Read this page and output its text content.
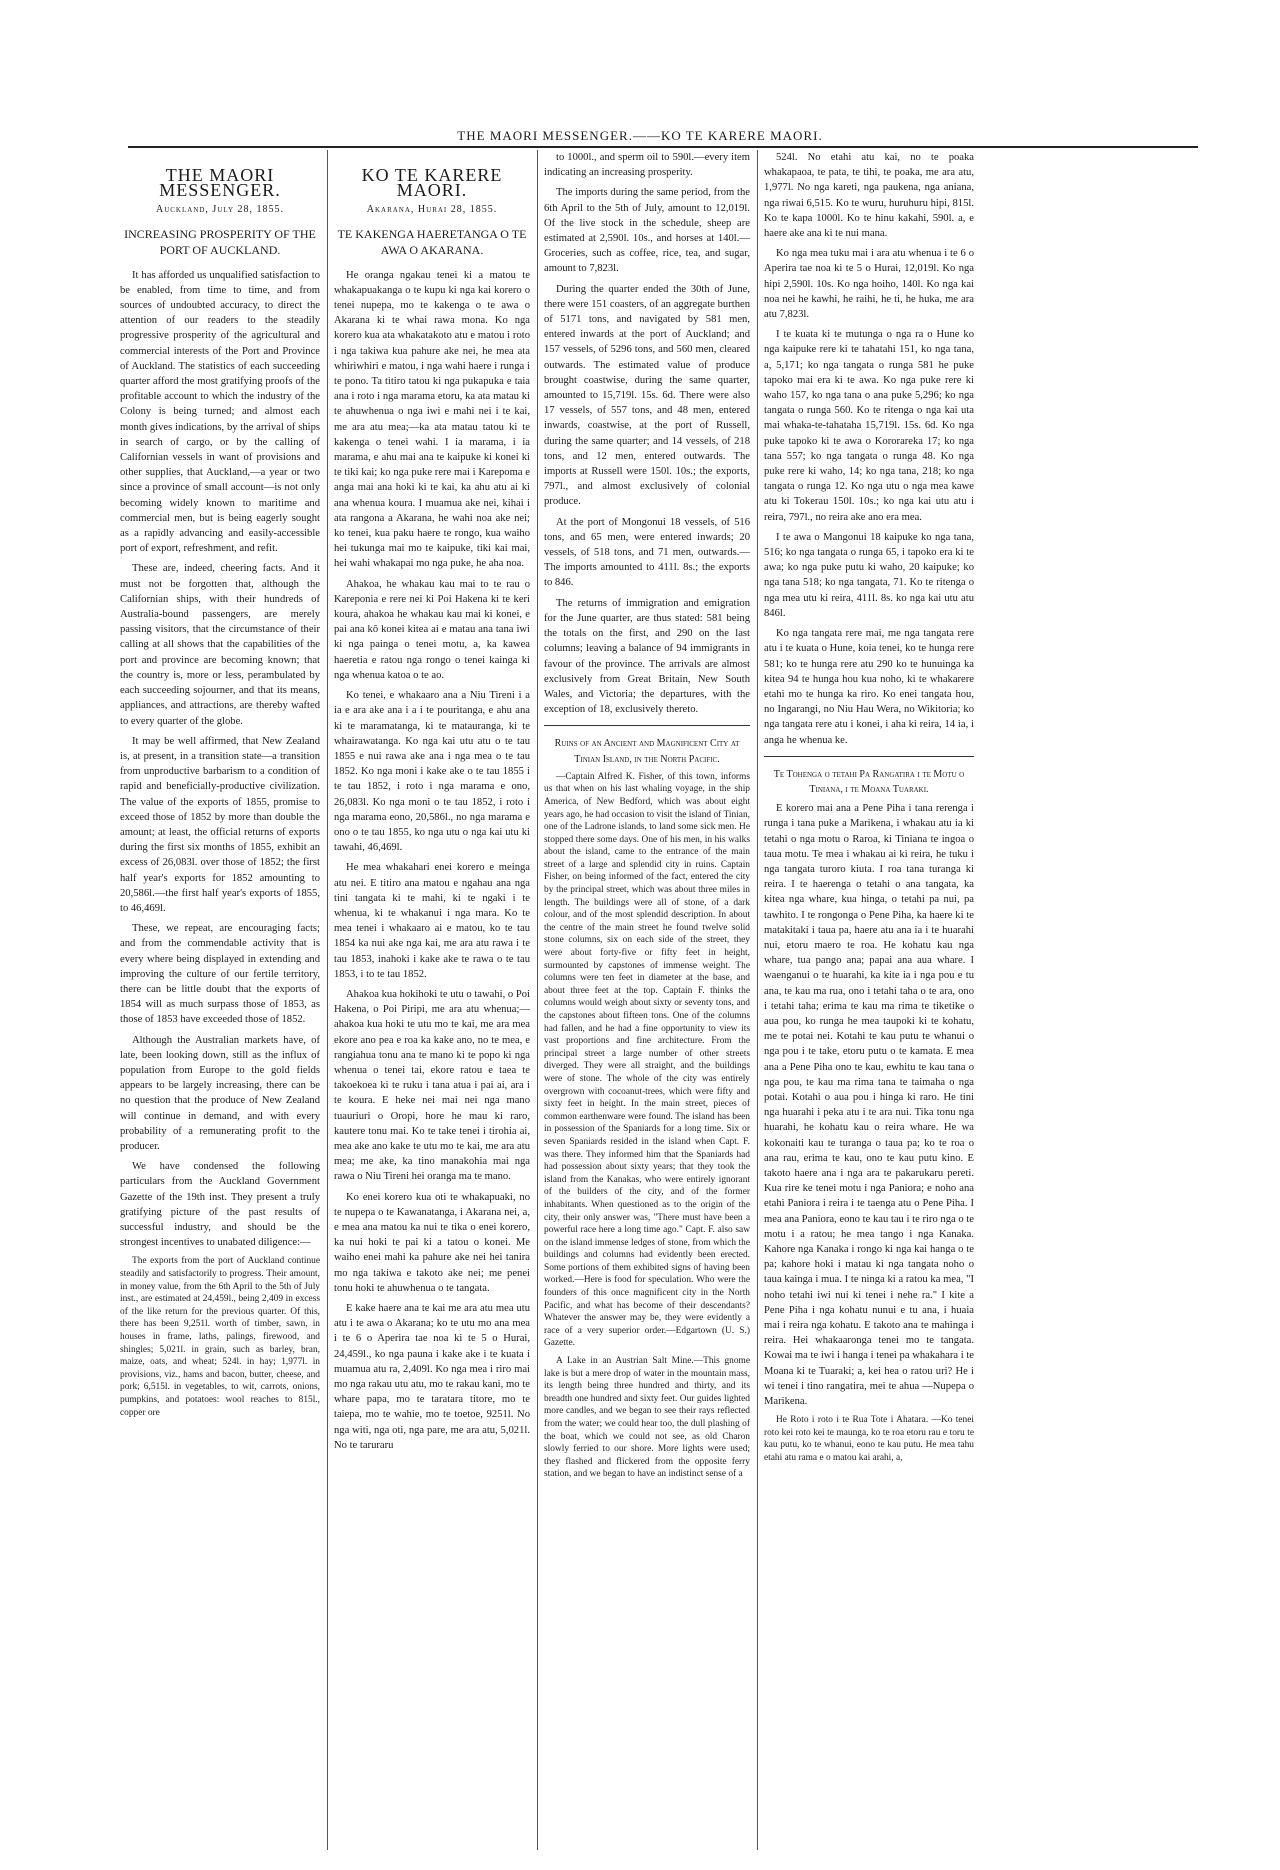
THE MAORI MESSENGER.——KO TE KARERE MAORI.

THE MAORI MESSENGER.

Auckland, July 28, 1855.

INCREASING PROSPERITY OF THE PORT OF AUCKLAND.

It has afforded us unqualified satisfaction to be enabled, from time to time, and from sources of undoubted accuracy, to direct the attention of our readers to the steadily progressive prosperity of the agricultural and commercial interests of the Port and Province of Auckland. The statistics of each succeeding quarter afford the most gratifying proofs of the profitable account to which the industry of the Colony is being turned; and almost each month gives indications, by the arrival of ships in search of cargo, or by the calling of Californian vessels in want of provisions and other supplies, that Auckland,—a year or two since a province of small account—is not only becoming widely known to maritime and commercial men, but is being eagerly sought as a rapidly advancing and easily-accessible port of export, refreshment, and refit.

These are, indeed, cheering facts. And it must not be forgotten that, although the Californian ships, with their hundreds of Australia-bound passengers, are merely passing visitors, that the circumstance of their calling at all shows that the capabilities of the port and province are becoming known; that the country is, more or less, perambulated by each succeeding sojourner, and that its means, appliances, and attractions, are thereby wafted to every quarter of the globe.

It may be well affirmed, that New Zealand is, at present, in a transition state—a transition from unproductive barbarism to a condition of rapid and beneficially-productive civilization. The value of the exports of 1855, promise to exceed those of 1852 by more than double the amount; at least, the official returns of exports during the first six months of 1855, exhibit an excess of 26,083l. over those of 1852; the first half year's exports for 1852 amounting to 20,586l.—the first half year's exports of 1855, to 46,469l.

These, we repeat, are encouraging facts; and from the commendable activity that is every where being displayed in extending and improving the culture of our fertile territory, there can be little doubt that the exports of 1854 will as much surpass those of 1853, as those of 1853 have exceeded those of 1852.

Although the Australian markets have, of late, been looking down, still as the influx of population from Europe to the gold fields appears to be largely increasing, there can be no question that the produce of New Zealand will continue in demand, and with every probability of a remunerating profit to the producer.

We have condensed the following particulars from the Auckland Government Gazette of the 19th inst. They present a truly gratifying picture of the past results of successful industry, and should be the strongest incentives to unabated diligence:—

The exports from the port of Auckland continue steadily and satisfactorily to progress. Their amount, in money value, from the 6th April to the 5th of July inst., are estimated at 24,459l., being 2,409 in excess of the like return for the previous quarter. Of this, there has been 9,251l. worth of timber, sawn, in houses in frame, laths, palings, firewood, and shingles; 5,021l. in grain, such as barley, bran, maize, oats, and wheat; 524l. in hay; 1,977l. in provisions, viz., hams and bacon, butter, cheese, and pork; 6,515l. in vegetables, to wit, carrots, onions, pumpkins, and potatoes: wool reaches to 815l., copper ore

KO TE KARERE MAORI.

Akarana, Hurai 28, 1855.

TE KAKENGA HAERETANGA O TE AWA O AKARANA.

He oranga ngakau tenei ki a matou te whakapuakanga o te kupu ki nga kai korero o tenei nupepa, mo te kakenga o te awa o Akarana ki te whai rawa mona. Ko nga korero kua ata whakatakoto atu e matou i roto i nga takiwa kua pahure ake nei, he mea ata whiriwhiri e matou, i nga wahi haere i runga i te pono. Ta titiro tatou ki nga pukapuka e taia ana i roto i nga marama etoru, ka ata matau ki te ahuwhenua o nga iwi e mahi nei i te kai, me ara atu mea;—ka ata matau tatou ki te kakenga o tenei wahi. I ia marama, i ia marama, e ahu mai ana te kaipuke ki konei ki te tiki kai; ko nga puke rere mai i Karepoma e anga mai ana hoki ki te kai, ka ahu atu ai ki ana whenua koura. I muamua ake nei, kihai i ata rangona a Akarana, he wahi noa ake nei; ko tenei, kua paku haere te rongo, kua waiho hei tukunga mai mo te kaipuke, tiki kai mai, hei wahi whakapai mo nga puke, he aha noa.

Ahakoa, he whakau kau mai to te rau o Kareponia e rere nei ki Poi Hakena ki te keri koura, ahakoa he whakau kau mai ki konei, e pai ana kō konei kitea ai e matau ana tana iwi ki nga painga o tenei motu, a, ka kawea haeretia e ratou nga rongo o tenei kainga ki nga whenua katoa o te ao.

Ko tenei, e whakaaro ana a Niu Tireni i a ia e ara ake ana i a i te pouritanga, e ahu ana ki te maramatanga, ki te matauranga, ki te whairawatanga. Ko nga kai utu atu o te tau 1855 e nui rawa ake ana i nga mea o te tau 1852. Ko nga moni i kake ake o te tau 1855 i te tau 1852, i roto i nga marama e ono, 26,083l. Ko nga moni o te tau 1852, i roto i nga marama eono, 20,586l., no nga marama e ono o te tau 1855, ko nga utu o nga kai utu ki tawahi, 46,469l.

He mea whakahari enei korero e meinga atu nei. E titiro ana matou e ngahau ana nga tini tangata ki te mahi, ki te ngaki i te whenua, ki te whakanui i nga mara. Ko te mea tenei i whakaaro ai e matou, ko te tau 1854 ka nui ake nga kai, me ara atu rawa i te tau 1853, inahoki i kake ake te rawa o te tau 1853, i to te tau 1852.

Ahakoa kua hokihoki te utu o tawahi, o Poi Hakena, o Poi Piripi, me ara atu whenua;—ahakoa kua hoki te utu mo te kai, me ara mea ekore ano pea e roa ka kake ano, no te mea, e rangiahua tonu ana te mano ki te popo ki nga whenua o tenei tai, ekore ratou e taea te takoekoea ki te ruku i tana atua i pai ai, ara i te koura. E heke nei mai nei nga mano tuauriuri o Oropi, hore he mau ki raro, kautere tonu mai. Ko te take tenei i tirohia ai, mea ake ano kake te utu mo te kai, me ara atu mea; me ake, ka tino manakohia mai nga rawa o Niu Tireni hei oranga ma te mano.

Ko enei korero kua oti te whakapuaki, no te nupepa o te Kawanatanga, i Akarana nei, a, e mea ana matou ka nui te tika o enei korero, ka nui hoki te pai ki a tatou o konei. Me waiho enei mahi ka pahure ake nei hei tanira mo nga takiwa e takoto ake nei; me penei tonu hoki te ahuwhenua o te tangata.

E kake haere ana te kai me ara atu mea utu atu i te awa o Akarana; ko te utu mo ana mea i te 6 o Aperira tae noa ki te 5 o Hurai, 24,459l., ko nga pauna i kake ake i te kuata i muamua atu ra, 2,409l. Ko nga mea i riro mai mo nga rakau utu atu, mo te rakau kani, mo te whare papa, mo te taratara titore, mo te taiepa, mo te wahie, mo te toetoe, 9251l. No nga witi, nga oti, nga pare, me ara atu, 5,021l. No te taruraru

to 1000l., and sperm oil to 590l.—every item indicating an increasing prosperity.

The imports during the same period, from the 6th April to the 5th of July, amount to 12,019l. Of the live stock in the schedule, sheep are estimated at 2,590l. 10s., and horses at 140l.—Groceries, such as coffee, rice, tea, and sugar, amount to 7,823l.

During the quarter ended the 30th of June, there were 151 coasters, of an aggregate burthen of 5171 tons, and navigated by 581 men, entered inwards at the port of Auckland; and 157 vessels, of 5296 tons, and 560 men, cleared outwards. The estimated value of produce brought coastwise, during the same quarter, amounted to 15,719l. 15s. 6d. There were also 17 vessels, of 557 tons, and 48 men, entered inwards, coastwise, at the port of Russell, during the same quarter; and 14 vessels, of 218 tons, and 12 men, entered outwards. The imports at Russell were 150l. 10s.; the exports, 797l., and almost exclusively of colonial produce.

At the port of Mongonui 18 vessels, of 516 tons, and 65 men, were entered inwards; 20 vessels, of 518 tons, and 71 men, outwards.—The imports amounted to 411l. 8s.; the exports to 846.

The returns of immigration and emigration for the June quarter, are thus stated: 581 being the totals on the first, and 290 on the last columns; leaving a balance of 94 immigrants in favour of the province. The arrivals are almost exclusively from Great Britain, New South Wales, and Victoria; the departures, with the exception of 18, exclusively thereto.

Ruins of an Ancient and Magnificent City at Tinian Island, in the North Pacific.

—Captain Alfred K. Fisher, of this town, informs us that when on his last whaling voyage, in the ship America, of New Bedford, which was about eight years ago, he had occasion to visit the island of Tinian, one of the Ladrone islands, to land some sick men. He stopped there some days. One of his men, in his walks about the island, came to the entrance of the main street of a large and splendid city in ruins. Captain Fisher, on being informed of the fact, entered the city by the principal street, which was about three miles in length. The buildings were all of stone, of a dark colour, and of the most splendid description. In about the centre of the main street he found twelve solid stone columns, six on each side of the street, they were about forty-five or fifty feet in height, surmounted by capstones of immense weight. The columns were ten feet in diameter at the base, and about three feet at the top. Captain F. thinks the columns would weigh about sixty or seventy tons, and the capstones about fifteen tons. One of the columns had fallen, and he had a fine opportunity to view its vast proportions and fine architecture. From the principal street a large number of other streets diverged. They were all straight, and the buildings were of stone. The whole of the city was entirely overgrown with cocoanut-trees, which were fifty and sixty feet in height. In the main street, pieces of common earthenware were found. The island has been in possession of the Spaniards for a long time. Six or seven Spaniards resided in the island when Capt. F. was there. They informed him that the Spaniards had had possession about sixty years; that they took the island from the Kanakas, who were entirely ignorant of the builders of the city, and of the former inhabitants. When questioned as to the origin of the city, their only answer was, "There must have been a powerful race here a long time ago." Capt. F. also saw on the island immense ledges of stone, from which the buildings and columns had evidently been erected. Some portions of them exhibited signs of having been worked.—Here is food for speculation. Who were the founders of this once magnificent city in the North Pacific, and what has become of their descendants? Whatever the answer may be, they were evidently a race of a very superior order.—Edgartown (U. S.) Gazette.

A Lake in an Austrian Salt Mine.—This gnome lake is but a mere drop of water in the mountain mass, its length being three hundred and thirty, and its breadth one hundred and sixty feet. Our guides lighted more candles, and we began to see their rays reflected from the water; we could hear too, the dull plashing of the boat, which we could not see, as old Charon slowly ferried to our shore. More lights were used; they flashed and flickered from the opposite ferry station, and we began to have an indistinct sense of a

524l. No etahi atu kai, no te poaka whakapaoa, te pata, te tihi, te poaka, me ara atu, 1,977l. No nga kareti, nga paukena, nga aniana, nga riwai 6,515. Ko te wuru, huruhuru hipi, 815l. Ko te kapa 1000l. Ko te hinu kakahi, 590l. a, e haere ake ana ki te nui mana.

Ko nga mea tuku mai i ara atu whenua i te 6 o Aperira tae noa ki te 5 o Hurai, 12,019l. Ko nga hipi 2,590l. 10s. Ko nga hoiho, 140l. Ko nga kai noa nei he kawhi, he raihi, he ti, he huka, me ara atu 7,823l.

I te kuata ki te mutunga o nga ra o Hune ko nga kaipuke rere ki te tahatahi 151, ko nga tana, a, 5,171; ko nga tangata o runga 581 he puke tapoko mai era ki te awa. Ko nga puke rere ki waho 157, ko nga tana o ana puke 5,296; ko nga tangata o runga 560. Ko te ritenga o nga kai uta mai whaka-te-tahataha 15,719l. 15s. 6d. Ko nga puke tapoko ki te awa o Kororareka 17; ko nga tana 557; ko nga tangata o runga 48. Ko nga puke rere ki waho, 14; ko nga tana, 218; ko nga tangata o runga 12. Ko nga utu o nga mea kawe atu ki Tokerau 150l. 10s.; ko nga kai utu atu i reira, 797l., no reira ake ano era mea.

I te awa o Mangonui 18 kaipuke ko nga tana, 516; ko nga tangata o runga 65, i tapoko era ki te awa; ko nga puke putu ki waho, 20 kaipuke; ko nga tana 518; ko nga tangata, 71. Ko te ritenga o nga mea utu ki reira, 411l. 8s. ko nga kai utu atu 846l.

Ko nga tangata rere mai, me nga tangata rere atu i te kuata o Hune, koia tenei, ko te hunga rere 581; ko te hunga rere atu 290 ko te hunuinga ka kitea 94 te hunga hou kua noho, ki te whakarere etahi mo te hunga ka riro. Ko enei tangata hou, no Ingarangi, no Niu Hau Wera, no Wikitoria; ko nga tangata rere atu i konei, i aha ki reira, 14 ia, i anga he whenua ke.

Te Tohenga o tetahi Pa Rangatira i te Motu o Tiniana, i te Moana Tuaraki.

E korero mai ana a Pene Piha i tana rerenga i runga i tana puke a Marikena, i whakau atu ia ki tetahi o nga motu o Raroa, ki Tiniana te ingoa o taua motu. Te mea i whakau ai ki reira, he tuku i nga tangata turoro kiuta. I roa tana turanga ki reira. I te haerenga o tetahi o ana tangata, ka kitea nga whare, kua hinga, o tetahi pa nui, pa tawhito. I te rongonga o Pene Piha, ka haere ki te matakitaki i taua pa, haere atu ana ia i te huarahi nui, etoru maero te roa. He kohatu kau nga whare, tua pango ana; papai ana aua whare. I waenganui o te huarahi, ka kite ia i nga pou e tu ana, te kau ma rua, ono i tetahi taha o te ara, ono i tetahi taha; erima te kau ma rima te tiketike o aua pou, ko runga he mea taupoki ki te kohatu, me te potai nei. Kotahi te kau putu te whanui o nga pou i te take, etoru putu o te kamata. E mea ana a Pene Piha ono te kau, ewhitu te kau tana o nga pou, te kau ma rima tana te taimaha o nga potai. Kotahi o aua pou i hinga ki raro. He tini nga huarahi i peka atu i te ara nui. Tika tonu nga huarahi, he kohatu kau o reira whare. He wa kokonaiti kau te turanga o taua pa; ko te roa o ana rau, erima te kau, ono te kau putu kino. E takoto haere ana i nga ara te pakarukaru pereti. Kua rire ke tenei motu i nga Paniora; e noho ana etahi Paniora i reira i te taenga atu o Pene Piha. I mea ana Paniora, eono te kau tau i te riro nga o te motu i a ratou; he mea tango i nga Kanaka. Kahore nga Kanaka i rongo ki nga kai hanga o te pa; kahore hoki i matau ki nga tangata noho o taua kainga i mua. I te ninga ki a ratou ka mea, "I noho tetahi iwi nui ki tenei i nehe ra." I kite a Pene Piha i nga kohatu nunui e tu ana, i huaia mai i reira nga kohatu. E takoto ana te mahinga i reira. Hei whakaaronga tenei mo te tangata. Kowai ma te iwi i hanga i tenei pa whakahara i te Moana ki te Tuaraki; a, kei hea o ratou uri? He i wi tenei i tino rangatira, mei te ahua —Nupepa o Marikena.

He Roto i roto i te Rua Tote i Ahatara. —Ko tenei roto kei roto kei te maunga, ko te roa etoru rau e toru te kau putu, ko te whanui, eono te kau putu. He mea tahu etahi atu rama e o matou kai arahi, a,
